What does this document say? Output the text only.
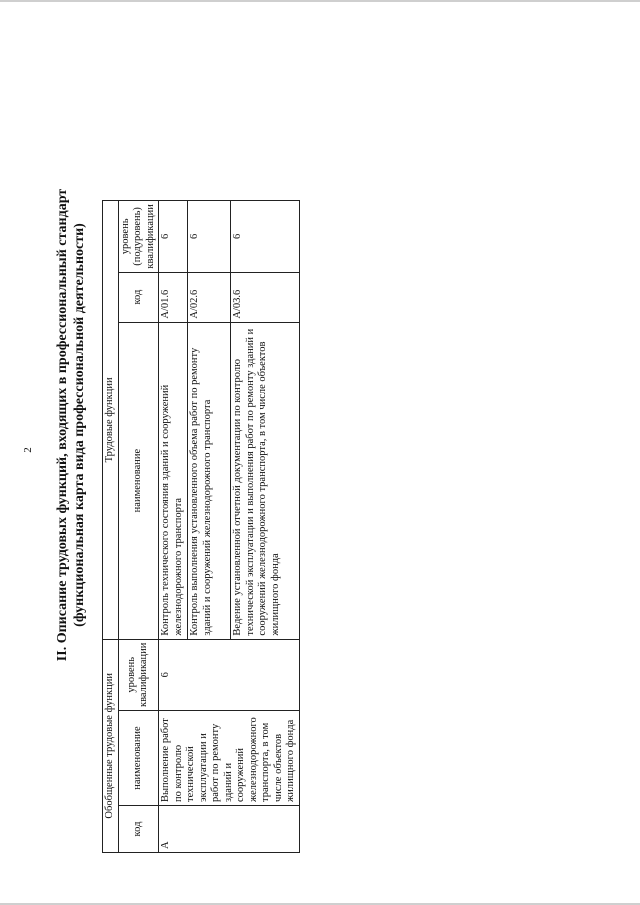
2 II. Описание трудовых функций, входящих в профессиональный стандарт (функциональная карта вида профессиональной деятельности)
Обобщенные трудовые функции			Трудовые функции		
код	наименование	уровень квалификации	наименование	код	уровень (подуровень) квалификации
A	Выполнение работ по контролю технической эксплуатации и работ по ремонту зданий и сооружений железнодорожного транспорта, в том числе объектов жилищного фонда	6	Контроль технического состояния зданий и сооружений железнодорожного транспорта	A/01.6	6
			Контроль выполнения установленного объема работ по ремонту зданий и сооружений железнодорожного транспорта	A/02.6	6
			Ведение установленной отчетной документации по контролю технической эксплуатации и выполнения работ по ремонту зданий и сооружений железнодорожного транспорта, в том числе объектов жилищного фонда	A/03.6	6
